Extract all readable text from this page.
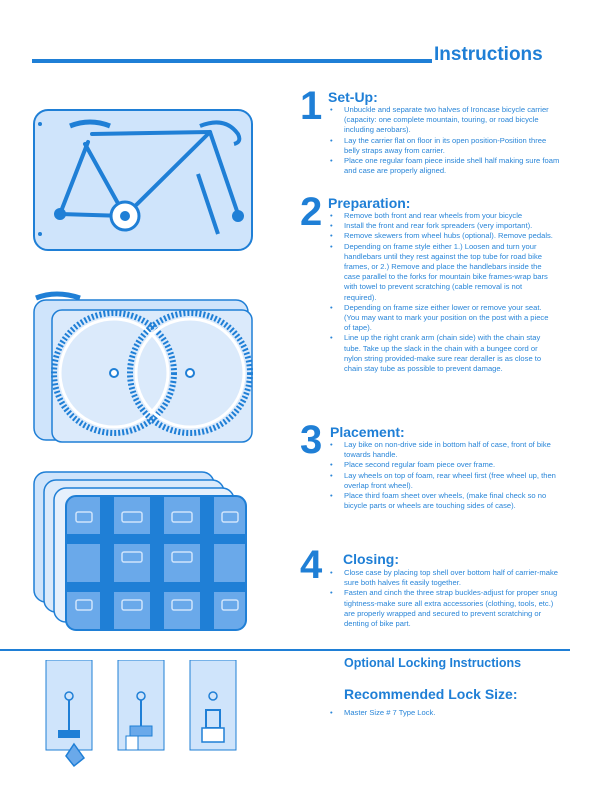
Instructions
1 Set-Up:
• Unbuckle and separate two halves of Ironcase bicycle carrier (capacity: one complete mountain, touring, or road bicycle including aerobars).
• Lay the carrier flat on floor in its open position-Position three belly straps away from carrier.
• Place one regular foam piece inside shell half making sure foam and case are properly aligned.
2 Preparation:
• Remove both front and rear wheels from your bicycle
• Install the front and rear fork spreaders (very important).
• Remove skewers from wheel hubs (optional). Remove pedals.
• Depending on frame style either 1.) Loosen and turn your handlebars until they rest against the top tube for road bike frames, or 2.) Remove and place the handlebars inside the case parallel to the forks for mountain bike frames-wrap bars with towel to prevent scratching (cable removal is not required).
• Depending on frame size either lower or remove your seat. (You may want to mark your position on the post with a piece of tape).
• Line up the right crank arm (chain side) with the chain stay tube. Take up the slack in the chain with a bungee cord or nylon string provided-make sure rear deraller is as close to chain stay tube as possible to prevent damage.
3 Placement:
• Lay bike on non-drive side in bottom half of case, front of bike towards handle.
• Place second regular foam piece over frame.
• Lay wheels on top of foam, rear wheel first (free wheel up, then overlap front wheel).
• Place third foam sheet over wheels, (make final check so no bicycle parts or wheels are touching sides of case).
4 Closing:
• Close case by placing top shell over bottom half of carrier-make sure both halves fit easily together.
• Fasten and cinch the three strap buckles-adjust for proper snug tightness-make sure all extra accessories (clothing, tools, etc.) are properly wrapped and secured to prevent scratching or denting of bike part.
Optional Locking Instructions
Recommended Lock Size:
• Master Size # 7 Type Lock.
